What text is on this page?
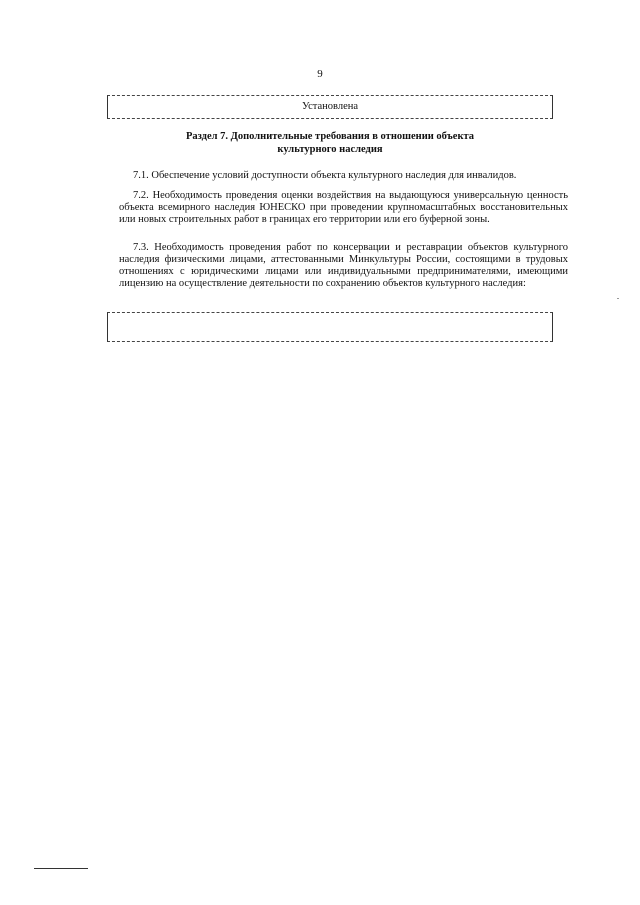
9
Установлена
Раздел 7. Дополнительные требования в отношении объекта
культурного наследия
7.1. Обеспечение условий доступности объекта культурного наследия для инвалидов.
7.2. Необходимость проведения оценки воздействия на выдающуюся универсальную ценность объекта всемирного наследия ЮНЕСКО при проведении крупномасштабных восстановительных или новых строительных работ в границах его территории или его буферной зоны.
7.3. Необходимость проведения работ по консервации и реставрации объектов культурного наследия физическими лицами, аттестованными Минкультуры России, состоящими в трудовых отношениях с юридическими лицами или индивидуальными предпринимателями, имеющими лицензию на осуществление деятельности по сохранению объектов культурного наследия:
